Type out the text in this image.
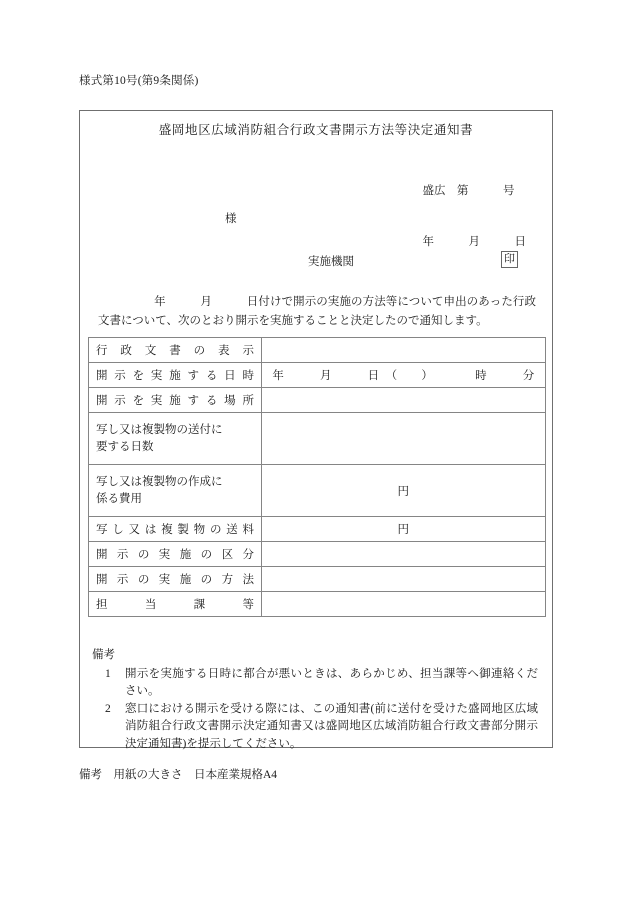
様式第10号(第9条関係)
盛岡地区広域消防組合行政文書開示方法等決定通知書

盛広　第　　　号

年　　　月　　　日

様
実施機関	印
年　　　月　　　日付けで開示の実施の方法等について申出のあった行政文書について、次のとおり開示を実施することと決定したので通知します。
行政文書の表示	

開示を実施する日時	年　　　月　　　日　（　　）　　　　時　　　分

開示を実施する場所	

写し又は複製物の送付に
要する日数	

写し又は複製物の作成に
係る費用	円

写し又は複製物の送料	円

開示の実施の区分	

開示の実施の方法	

担当課等	

備考
1	開示を実施する日時に都合が悪いときは、あらかじめ、担当課等へ御連絡ください。
2	窓口における開示を受ける際には、この通知書(前に送付を受けた盛岡地区広域消防組合行政文書開示決定通知書又は盛岡地区広域消防組合行政文書部分開示決定通知書)を提示してください。
備考　用紙の大きさ　日本産業規格A4
